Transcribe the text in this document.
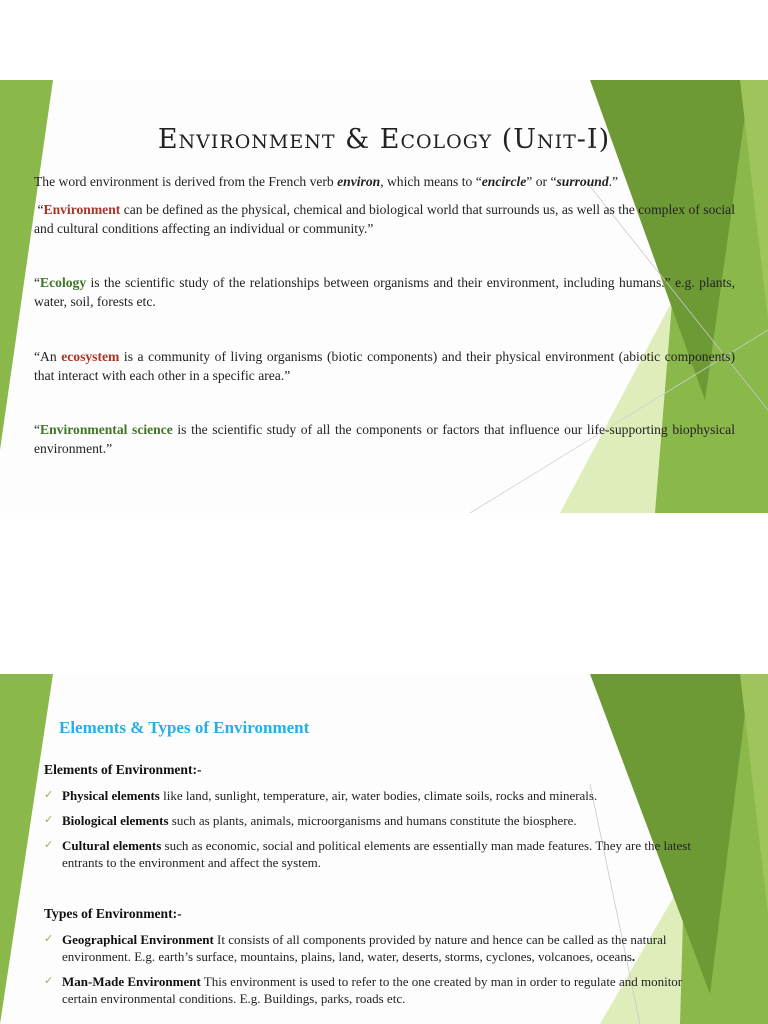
Environment & Ecology (Unit-I)

The word environment is derived from the French verb environ, which means to “encircle” or “surround.”

“Environment can be defined as the physical, chemical and biological world that surrounds us, as well as the complex of social and cultural conditions affecting an individual or community.”

“Ecology is the scientific study of the relationships between organisms and their environment, including humans.” e.g. plants, water, soil, forests etc.

“An ecosystem is a community of living organisms (biotic components) and their physical environment (abiotic components) that interact with each other in a specific area.”

“Environmental science is the scientific study of all the components or factors that influence our life-supporting biophysical environment.”

Elements & Types of Environment

Elements of Environment:-

✓ Physical elements like land, sunlight, temperature, air, water bodies, climate soils, rocks and minerals.
✓ Biological elements such as plants, animals, microorganisms and humans constitute the biosphere.
✓ Cultural elements such as economic, social and political elements are essentially man made features. They are the latest entrants to the environment and affect the system.

Types of Environment:-

✓ Geographical Environment It consists of all components provided by nature and hence can be called as the natural environment. E.g. earth’s surface, mountains, plains, land, water, deserts, storms, cyclones, volcanoes, oceans.
✓ Man-Made Environment This environment is used to refer to the one created by man in order to regulate and monitor certain environmental conditions. E.g. Buildings, parks, roads etc.
